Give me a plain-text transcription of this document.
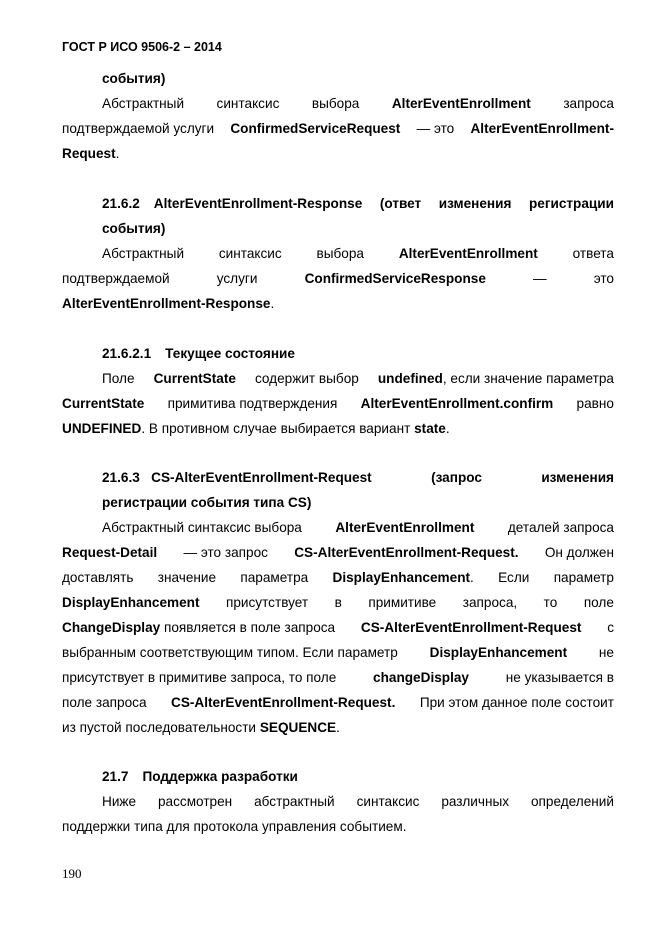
ГОСТ Р ИСО 9506-2 – 2014

события)

Абстрактный синтаксис выбора AlterEventEnrollment запроса
подтверждаемой услуги ConfirmedServiceRequest — это AlterEventEnrollment-

Request.

21.6.2 AlterEventEnrollment-Response (ответ изменения регистрации

события)

Абстрактный	синтаксис	выбора	AlterEventEnrollment	ответа
подтверждаемой	услуги	ConfirmedServiceResponse	—	это

AlterEventEnrollment-Response.

21.6.2.1 Текущее состояние

Поле CurrentState содержит выбор undefined, если значение параметра
CurrentState примитива подтверждения AlterEventEnrollment.confirm равно

UNDEFINED. В противном случае выбирается вариант state.

21.6.3 CS-AlterEventEnrollment-Request	(запрос	изменения

регистрации события типа CS)

Абстрактный синтаксис выбора AlterEventEnrollment деталей запроса
Request-Detail — это запрос CS-AlterEventEnrollment-Request. Он должен
доставлять значение параметра DisplayEnhancement. Если параметр
DisplayEnhancement присутствует в примитиве запроса, то поле
ChangeDisplay появляется в поле запроса CS-AlterEventEnrollment-Request с
выбранным соответствующим типом. Если параметр DisplayEnhancement не
присутствует в примитиве запроса, то поле	changeDisplay	не указывается в
поле запроса CS-AlterEventEnrollment-Request. При этом данное поле состоит

из пустой последовательности SEQUENCE.

21.7 Поддержка разработки

Ниже рассмотрен абстрактный синтаксис различных определений

поддержки типа для протокола управления событием.

190
